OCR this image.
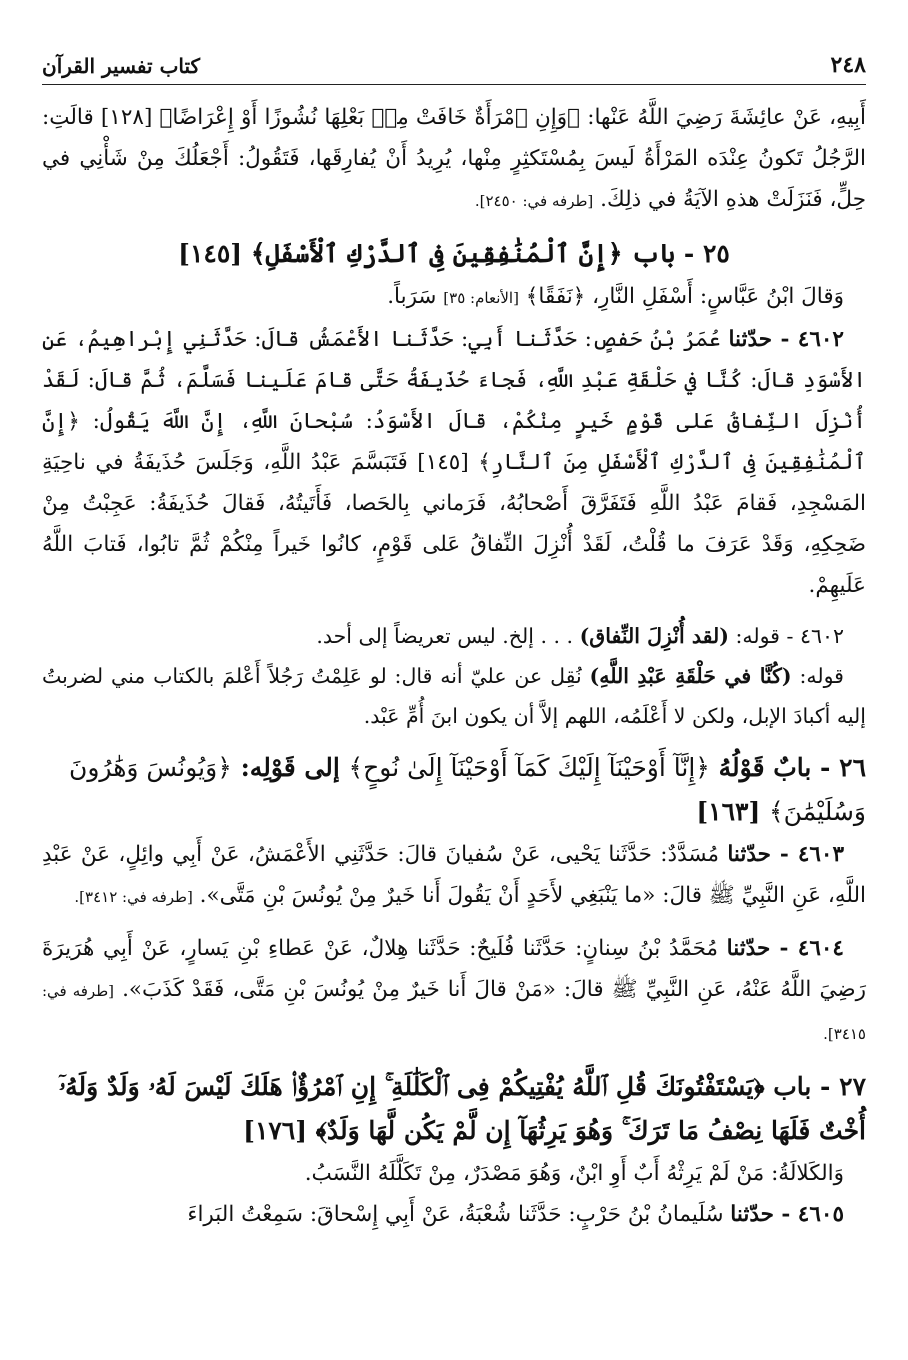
٢٤٨
كتاب تفسير القرآن

أَبِيهِ، عَنْ عائِشَةَ رَضِيَ اللَّهُ عَنْها: ﴿وَإِنِ ٱمْرَأَةٌ خَافَتْ مِنۢ بَعْلِهَا نُشُوزًا أَوْ إِعْرَاضًا﴾ [١٢٨] قالَتِ: الرَّجُلُ تَكونُ عِنْدَه المَرْأَةُ لَيسَ بِمُسْتَكثِرٍ مِنْها، يُرِيدُ أَنْ يُفارِقَها، فَتَقُولُ: أَجْعَلُكَ مِنْ شَأْنِي في حِلٍّ، فَنَزَلَتْ هذهِ الآيَةُ في ذلِكَ. [طرفه في: ٢٤٥٠].

٢٥ - باب ﴿إِنَّ ٱلْمُنَٰفِقِينَ فِى ٱلدَّرْكِ ٱلْأَسْفَلِ﴾ [١٤٥]

وَقالَ ابْنُ عَبَّاسٍ: أَسْفَلِ النَّارِ، ﴿نَفَقًا﴾ [الأنعام: ٣٥] سَرَباً.

٤٦٠٢ - حدّثنا عُمَرُ بْنُ حَفصٍ: حَدَّثَنا أَبِي: حَدَّثَنا الأَعْمَشُ قالَ: حَدَّثَنِي إِبْراهِيمُ، عَنِ الأَسْوَدِ قالَ: كُنَّا في حَلْقَةِ عَبْدِ اللَّهِ، فَجاءَ حُذَيفَةُ حَتَّى قامَ عَلَينا فَسَلَّمَ، ثُمَّ قالَ: لَقَدْ أُنْزِلَ النِّفاقُ عَلى قَوْمٍ خَيرٍ مِنْكُمْ، قالَ الأَسْوَدُ: سُبْحانَ اللَّهِ، إِنَّ اللَّهَ يَقُولُ: ﴿إِنَّ ٱلْمُنَٰفِقِينَ فِى ٱلدَّرْكِ ٱلْأَسْفَلِ مِنَ ٱلنَّارِ﴾ [١٤٥] فَتَبَسَّمَ عَبْدُ اللَّهِ، وَجَلَسَ حُذَيفَةُ في ناحِيَةِ المَسْجِدِ، فَقامَ عَبْدُ اللَّهِ فَتَفَرَّقَ أَصْحابُهُ، فَرَماني بِالحَصا، فَأَتَيتُهُ، فَقالَ حُذَيفَةُ: عَجِبْتُ مِنْ ضَحِكِهِ، وَقَدْ عَرَفَ ما قُلْتُ، لَقَدْ أُنْزِلَ النِّفاقُ عَلى قَوْمٍ، كانُوا خَيراً مِنْكُمْ ثُمَّ تابُوا، فَتابَ اللَّهُ عَلَيهِمْ.

٤٦٠٢ - قوله: (لقد أُنْزِلَ النِّفاق) . . . إلخ. ليس تعريضاً إلى أحد.

قوله: (كُنَّا في حَلْقَةِ عَبْدِ اللَّهِ) نُقِل عن عليّ أنه قال: لو عَلِمْتُ رَجُلاً أَعْلمَ بالكتاب مني لضربتُ إليه أكبادَ الإبل، ولكن لا أَعْلَمُه، اللهم إلاَّ أن يكون ابنَ أُمِّ عَبْد.

٢٦ - بابٌ قَوْلُهُ ﴿إِنَّآ أَوْحَيْنَآ إِلَيْكَ كَمَآ أَوْحَيْنَآ إِلَىٰ نُوحٍ﴾ إلى قَوْلِه: ﴿وَيُونُسَ وَهَٰرُونَ وَسُلَيْمَٰنَ﴾ [١٦٣]

٤٦٠٣ - حدّثنا مُسَدَّدٌ: حَدَّثَنا يَحْيى، عَنْ سُفيانَ قالَ: حَدَّثَنِي الأَعْمَشُ، عَنْ أَبِي وائِلٍ، عَنْ عَبْدِ اللَّهِ، عَنِ النَّبِيِّ ﷺ قالَ: «ما يَنْبَغِي لأَحَدٍ أَنْ يَقُولَ أَنا خَيرٌ مِنْ يُونُسَ بْنِ مَتَّى». [طرفه في: ٣٤١٢].

٤٦٠٤ - حدّثنا مُحَمَّدُ بْنُ سِنانٍ: حَدَّثَنا فُلَيحٌ: حَدَّثَنا هِلالٌ، عَنْ عَطاءِ بْنِ يَسارٍ، عَنْ أَبِي هُرَيرَةَ رَضِيَ اللَّهُ عَنْهُ، عَنِ النَّبِيِّ ﷺ قالَ: «مَنْ قالَ أَنا خَيرٌ مِنْ يُونُسَ بْنِ مَتَّى، فَقَدْ كَذَبَ». [طرفه في: ٣٤١٥].

٢٧ - باب ﴿يَسْتَفْتُونَكَ قُلِ ٱللَّهُ يُفْتِيكُمْ فِى ٱلْكَلَٰلَةِ ۚ إِنِ ٱمْرُؤٌا۟ هَلَكَ لَيْسَ لَهُۥ وَلَدٌ وَلَهُۥٓ أُخْتٌ فَلَهَا نِصْفُ مَا تَرَكَ ۚ وَهُوَ يَرِثُهَآ إِن لَّمْ يَكُن لَّهَا وَلَدٌ﴾ [١٧٦]

وَالكَلالَةُ: مَنْ لَمْ يَرِثْهُ أَبٌ أَوِ ابْنٌ، وَهُوَ مَصْدَرٌ، مِنْ تَكَلَّلَهُ النَّسَبُ.

٤٦٠٥ - حدّثنا سُلَيمانُ بْنُ حَرْبٍ: حَدَّثَنا شُعْبَةُ، عَنْ أَبِي إِسْحاقَ: سَمِعْتُ البَراءَ
